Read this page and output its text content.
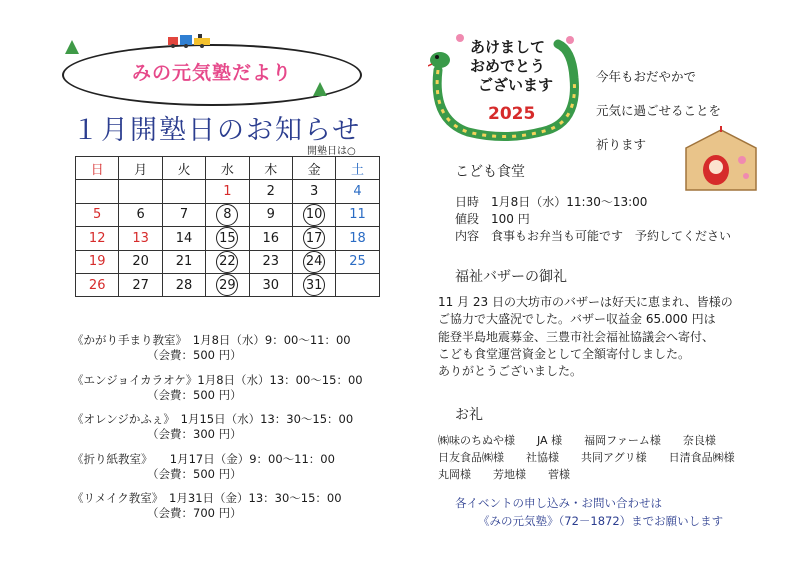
みの元気塾だより
１月開塾日のお知らせ
開塾日は○
日	月	火	水	木	金	土
			1	2	3	4
5	6	7	8	9	10	11
12	13	14	15	16	17	18
19	20	21	22	23	24	25
26	27	28	29	30	31

《かがり手まり教室》　1月8日（水）9：00～11：00
（会費：500 円）
《エンジョイカラオケ》1月8日（水）13：00～15：00
（会費：500 円）
《オレンジかふぇ》　1月15日（水）13：30～15：00
（会費：300 円）
《折り紙教室》　　1月17日（金）9：00～11：00
（会費：500 円）
《リメイク教室》　1月31日（金）13：30～15：00
（会費：700 円）
あけまして
おめでとう
ございます
2025
今年もおだやかで
元気に過ごせることを
祈ります
こども食堂
日時　1月8日（水）11:30～13:00
値段　100 円
内容　食事もお弁当も可能です　予約してください
福祉バザーの御礼
11 月 23 日の大坊市のバザーは好天に恵まれ、皆様の
ご協力で大盛況でした。バザー収益金 65.000 円は
能登半島地震募金、三豊市社会福祉協議会へ寄付、
こども食堂運営資金として全額寄付しました。
ありがとうございました。
お礼
㈱味のちぬや様　　JA 様　　福岡ファーム様　　奈良様
日友食品㈱様　　社協様　　共同アグリ様　　日清食品㈱様
丸岡様　　芳地様　　菅様
各イベントの申し込み・お問い合わせは
《みの元気塾》（72－1872）までお願いします
